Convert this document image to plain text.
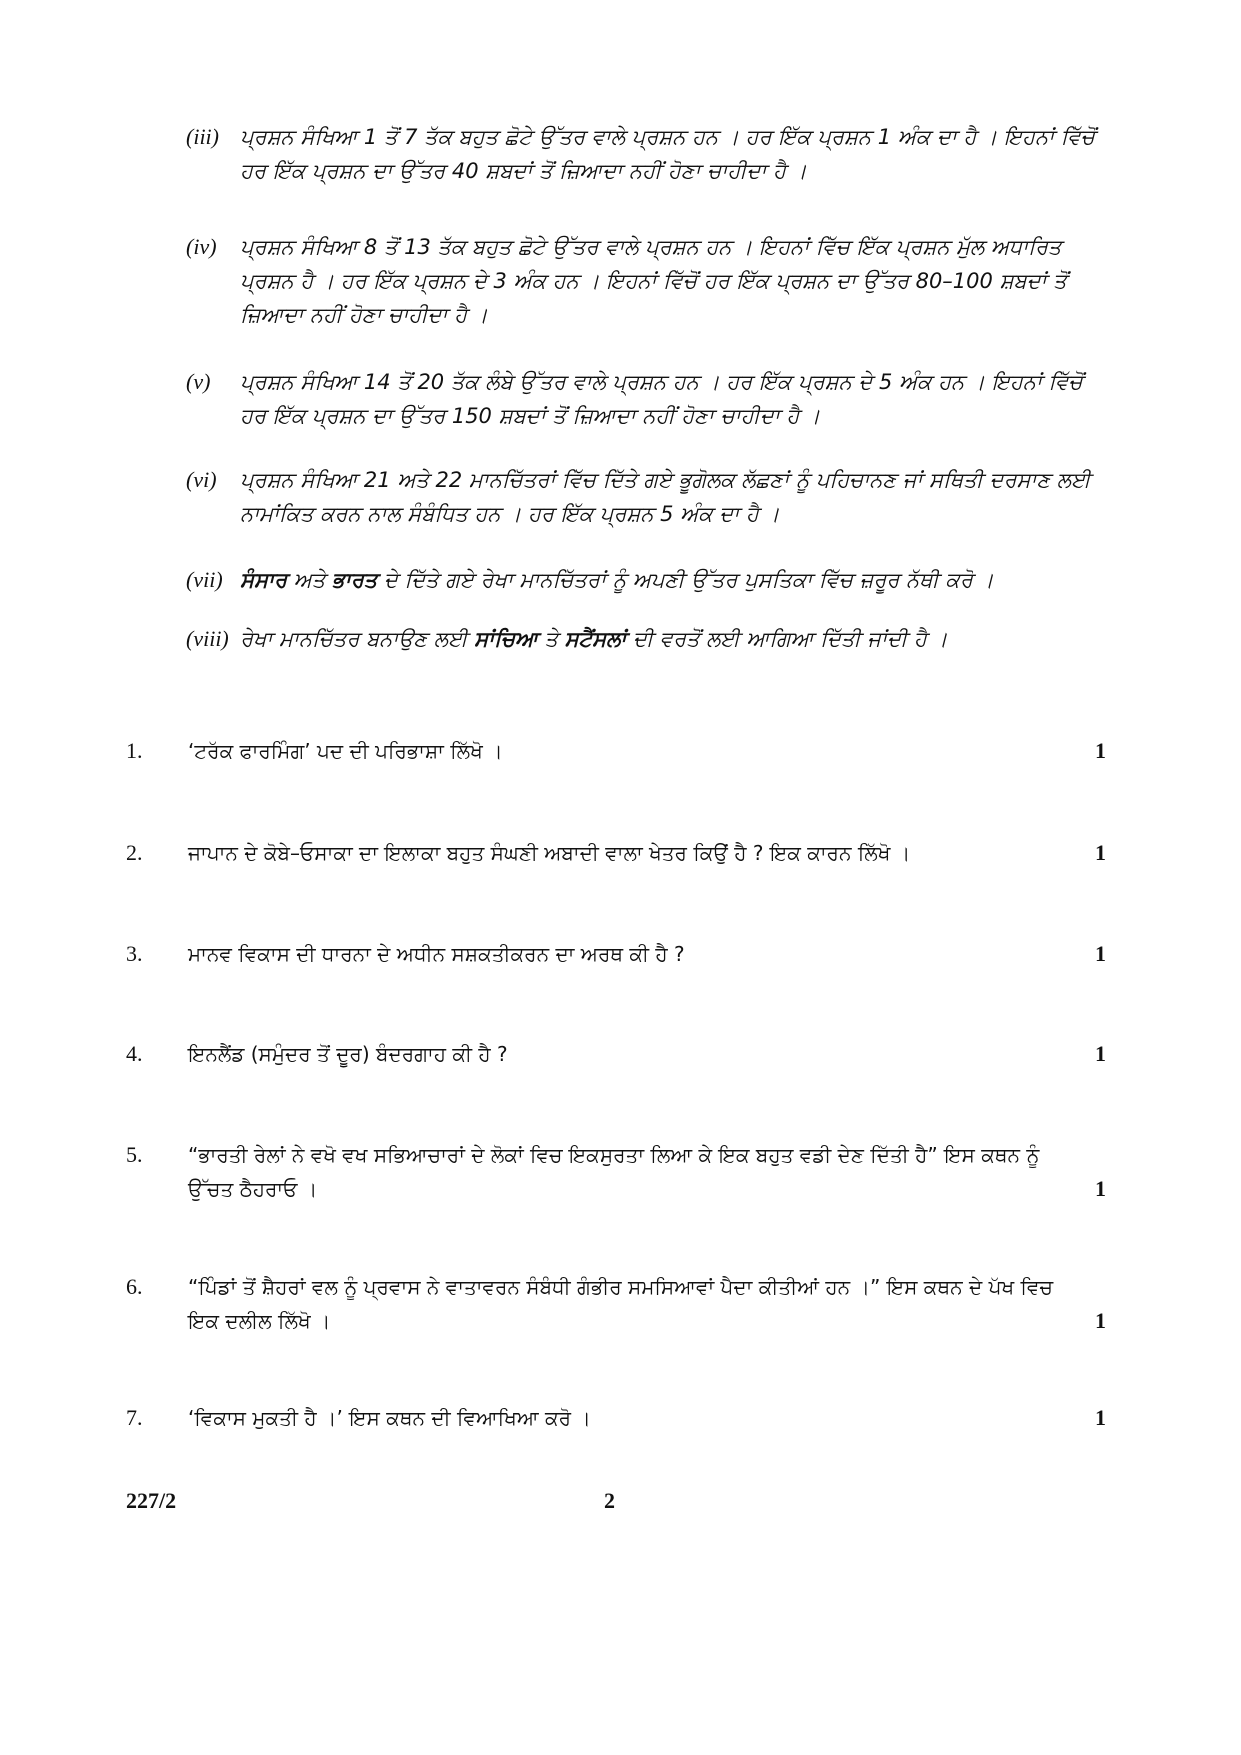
(iii)	ਪ੍ਰਸ਼ਨ ਸੰਖਿਆ 1 ਤੋਂ 7 ਤੱਕ ਬਹੁਤ ਛੋਟੇ ਉੱਤਰ ਵਾਲੇ ਪ੍ਰਸ਼ਨ ਹਨ । ਹਰ ਇੱਕ ਪ੍ਰਸ਼ਨ 1 ਅੰਕ ਦਾ ਹੈ । ਇਹਨਾਂ ਵਿੱਚੋਂ ਹਰ ਇੱਕ ਪ੍ਰਸ਼ਨ ਦਾ ਉੱਤਰ 40 ਸ਼ਬਦਾਂ ਤੋਂ ਜ਼ਿਆਦਾ ਨਹੀਂ ਹੋਣਾ ਚਾਹੀਦਾ ਹੈ ।
(iv)	ਪ੍ਰਸ਼ਨ ਸੰਖਿਆ 8 ਤੋਂ 13 ਤੱਕ ਬਹੁਤ ਛੋਟੇ ਉੱਤਰ ਵਾਲੇ ਪ੍ਰਸ਼ਨ ਹਨ । ਇਹਨਾਂ ਵਿੱਚ ਇੱਕ ਪ੍ਰਸ਼ਨ ਮੁੱਲ ਅਧਾਰਿਤ ਪ੍ਰਸ਼ਨ ਹੈ । ਹਰ ਇੱਕ ਪ੍ਰਸ਼ਨ ਦੇ 3 ਅੰਕ ਹਨ । ਇਹਨਾਂ ਵਿੱਚੋਂ ਹਰ ਇੱਕ ਪ੍ਰਸ਼ਨ ਦਾ ਉੱਤਰ 80–100 ਸ਼ਬਦਾਂ ਤੋਂ ਜ਼ਿਆਦਾ ਨਹੀਂ ਹੋਣਾ ਚਾਹੀਦਾ ਹੈ ।
(v)	ਪ੍ਰਸ਼ਨ ਸੰਖਿਆ 14 ਤੋਂ 20 ਤੱਕ ਲੰਬੇ ਉੱਤਰ ਵਾਲੇ ਪ੍ਰਸ਼ਨ ਹਨ । ਹਰ ਇੱਕ ਪ੍ਰਸ਼ਨ ਦੇ 5 ਅੰਕ ਹਨ । ਇਹਨਾਂ ਵਿੱਚੋਂ ਹਰ ਇੱਕ ਪ੍ਰਸ਼ਨ ਦਾ ਉੱਤਰ 150 ਸ਼ਬਦਾਂ ਤੋਂ ਜ਼ਿਆਦਾ ਨਹੀਂ ਹੋਣਾ ਚਾਹੀਦਾ ਹੈ ।
(vi)	ਪ੍ਰਸ਼ਨ ਸੰਖਿਆ 21 ਅਤੇ 22 ਮਾਨਚਿੱਤਰਾਂ ਵਿੱਚ ਦਿੱਤੇ ਗਏ ਭੂਗੋਲਕ ਲੱਛਣਾਂ ਨੂੰ ਪਹਿਚਾਨਣ ਜਾਂ ਸਥਿਤੀ ਦਰਸਾਣ ਲਈ ਨਾਮਾਂਕਿਤ ਕਰਨ ਨਾਲ ਸੰਬੰਧਿਤ ਹਨ । ਹਰ ਇੱਕ ਪ੍ਰਸ਼ਨ 5 ਅੰਕ ਦਾ ਹੈ ।
(vii) ਸੰਸਾਰ ਅਤੇ ਭਾਰਤ ਦੇ ਦਿੱਤੇ ਗਏ ਰੇਖਾ ਮਾਨਚਿੱਤਰਾਂ ਨੂੰ ਅਪਣੀ ਉੱਤਰ ਪੁਸਤਿਕਾ ਵਿੱਚ ਜ਼ਰੂਰ ਨੱਥੀ ਕਰੋ ।
(viii) ਰੇਖਾ ਮਾਨਚਿੱਤਰ ਬਨਾਉਣ ਲਈ ਸਾਂਚਿਆ ਤੇ ਸਟੈਂਸਲਾਂ ਦੀ ਵਰਤੋਂ ਲਈ ਆਗਿਆ ਦਿੱਤੀ ਜਾਂਦੀ ਹੈ ।
1.	‘ਟਰੱਕ ਫਾਰਮਿੰਗ’ ਪਦ ਦੀ ਪਰਿਭਾਸ਼ਾ ਲਿੱਖੋ ।	1
2.	ਜਾਪਾਨ ਦੇ ਕੋਬੇ–ਓਸਾਕਾ ਦਾ ਇਲਾਕਾ ਬਹੁਤ ਸੰਘਣੀ ਅਬਾਦੀ ਵਾਲਾ ਖੇਤਰ ਕਿਉਂ ਹੈ ? ਇਕ ਕਾਰਨ ਲਿੱਖੋ ।	1
3.	ਮਾਨਵ ਵਿਕਾਸ ਦੀ ਧਾਰਨਾ ਦੇ ਅਧੀਨ ਸਸ਼ਕਤੀਕਰਨ ਦਾ ਅਰਥ ਕੀ ਹੈ ?	1
4.	ਇਨਲੈਂਡ (ਸਮੁੰਦਰ ਤੋਂ ਦੂਰ) ਬੰਦਰਗਾਹ ਕੀ ਹੈ ?	1
5.	“ਭਾਰਤੀ ਰੇਲਾਂ ਨੇ ਵਖੋ ਵਖ ਸਭਿਆਚਾਰਾਂ ਦੇ ਲੋਕਾਂ ਵਿਚ ਇਕਸੁਰਤਾ ਲਿਆ ਕੇ ਇਕ ਬਹੁਤ ਵਡੀ ਦੇਣ ਦਿੱਤੀ ਹੈ” ਇਸ ਕਥਨ ਨੂੰ ਉੱਚਤ ਠੈਹਰਾਓ ।	1
6.	“ਪਿੰਡਾਂ ਤੋਂ ਸ਼ੈਹਰਾਂ ਵਲ ਨੂੰ ਪ੍ਰਵਾਸ ਨੇ ਵਾਤਾਵਰਨ ਸੰਬੰਧੀ ਗੰਭੀਰ ਸਮਸਿਆਵਾਂ ਪੈਦਾ ਕੀਤੀਆਂ ਹਨ ।” ਇਸ ਕਥਨ ਦੇ ਪੱਖ ਵਿਚ ਇਕ ਦਲੀਲ ਲਿੱਖੋ ।	1
7.	‘ਵਿਕਾਸ ਮੁਕਤੀ ਹੈ ।’ ਇਸ ਕਥਨ ਦੀ ਵਿਆਖਿਆ ਕਰੋ ।	1
227/2	2
